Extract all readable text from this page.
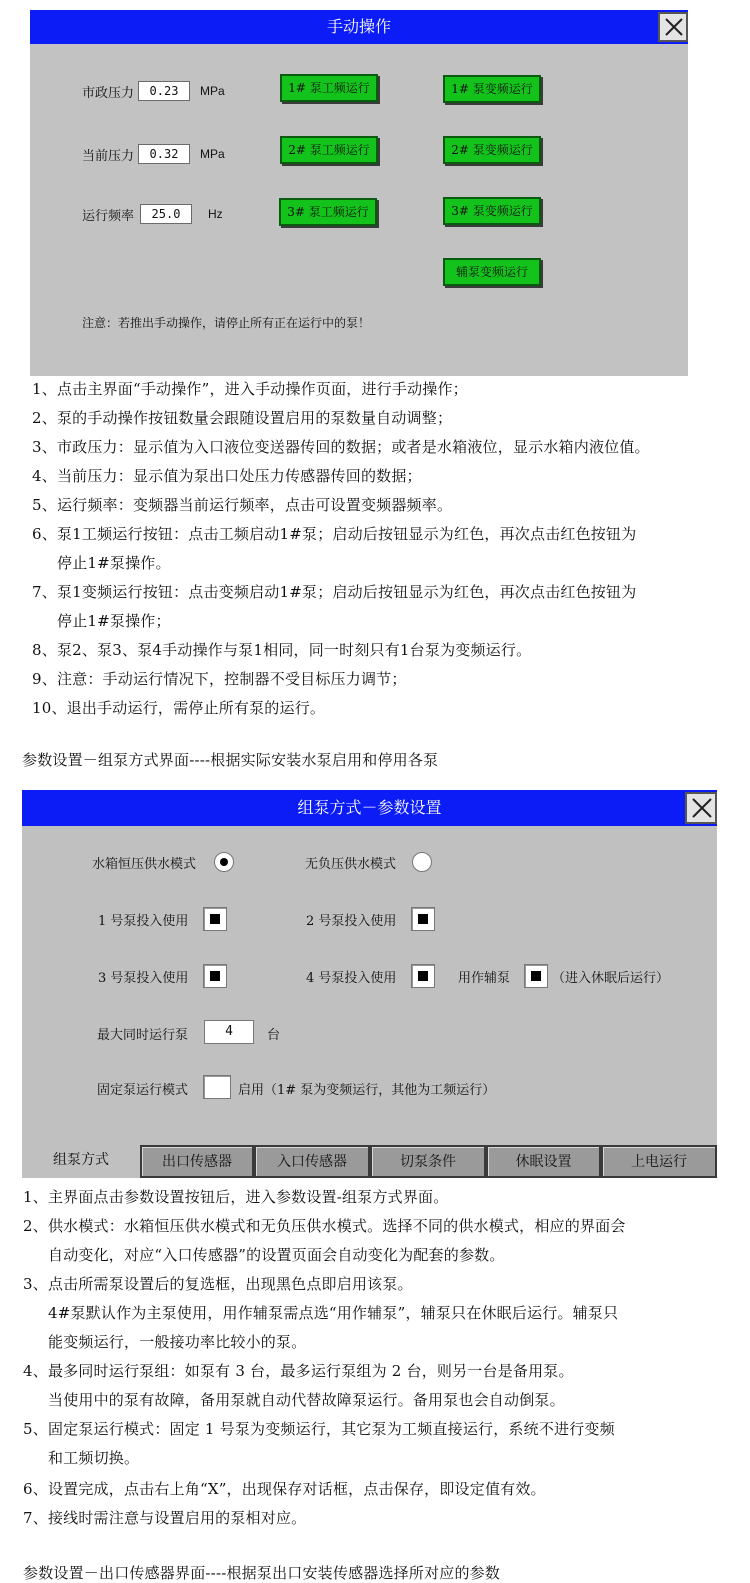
手动操作
市政压力	0.23	MPa
当前压力	0.32	MPa
运行频率	25.0	Hz
1# 泵工频运行
2# 泵工频运行
3# 泵工频运行
1# 泵变频运行
2# 泵变频运行
3# 泵变频运行
辅泵变频运行
注意：若推出手动操作，请停止所有正在运行中的泵！
1、点击主界面“手动操作”，进入手动操作页面，进行手动操作；
2、泵的手动操作按钮数量会跟随设置启用的泵数量自动调整；
3、市政压力：显示值为入口液位变送器传回的数据；或者是水箱液位，显示水箱内液位值。
4、当前压力：显示值为泵出口处压力传感器传回的数据；
5、运行频率：变频器当前运行频率，点击可设置变频器频率。
6、泵1工频运行按钮：点击工频启动1#泵；启动后按钮显示为红色，再次点击红色按钮为
停止1#泵操作。
7、泵1变频运行按钮：点击变频启动1#泵；启动后按钮显示为红色，再次点击红色按钮为
停止1#泵操作；
8、泵2、泵3、泵4手动操作与泵1相同，同一时刻只有1台泵为变频运行。
9、注意：手动运行情况下，控制器不受目标压力调节；
10、退出手动运行，需停止所有泵的运行。
参数设置－组泵方式界面----根据实际安装水泵启用和停用各泵
组泵方式－参数设置
水箱恒压供水模式	无负压供水模式
1 号泵投入使用	2 号泵投入使用
3 号泵投入使用	4 号泵投入使用	用作辅泵	（进入休眠后运行）
最大同时运行泵	4	台
固定泵运行模式	启用（1# 泵为变频运行，其他为工频运行）
组泵方式	出口传感器	入口传感器	切泵条件	休眠设置	上电运行
1、主界面点击参数设置按钮后，进入参数设置-组泵方式界面。
2、供水模式：水箱恒压供水模式和无负压供水模式。选择不同的供水模式，相应的界面会
自动变化，对应“入口传感器”的设置页面会自动变化为配套的参数。
3、点击所需泵设置后的复选框，出现黑色点即启用该泵。
4#泵默认作为主泵使用，用作辅泵需点选“用作辅泵”，辅泵只在休眠后运行。辅泵只
能变频运行，一般接功率比较小的泵。
4、最多同时运行泵组：如泵有 3 台，最多运行泵组为 2 台，则另一台是备用泵。
当使用中的泵有故障，备用泵就自动代替故障泵运行。备用泵也会自动倒泵。
5、固定泵运行模式：固定 1 号泵为变频运行，其它泵为工频直接运行，系统不进行变频
和工频切换。
6、设置完成，点击右上角“X”，出现保存对话框，点击保存，即设定值有效。
7、接线时需注意与设置启用的泵相对应。
参数设置－出口传感器界面----根据泵出口安装传感器选择所对应的参数
